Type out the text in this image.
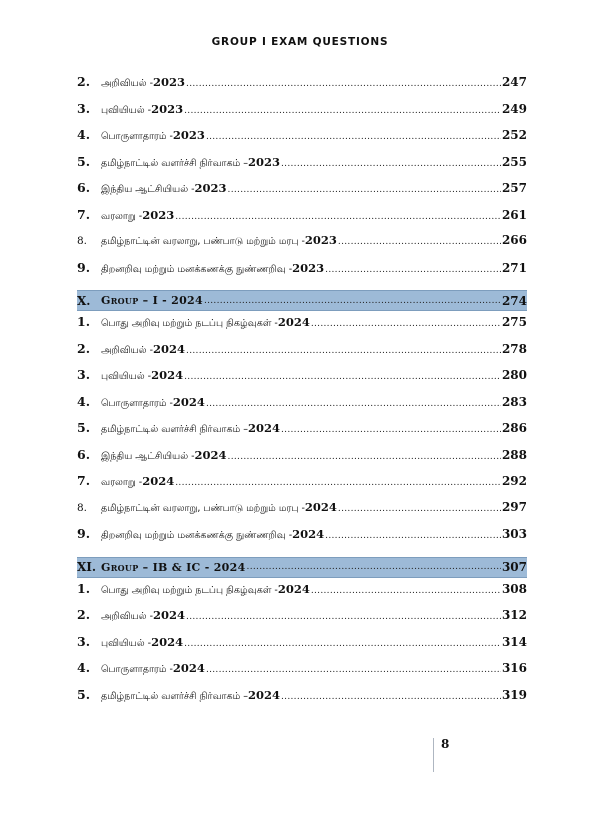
GROUP I EXAM QUESTIONS
2.	அறிவியல் - 2023 .....	247
3.	புவியியல் - 2023 .....	249
4.	பொருளாதாரம் - 2023 .....	252
5.	தமிழ்நாட்டில் வளர்ச்சி நிர்வாகம் – 2023 .....	255
6.	இந்திய ஆட்சியியல் - 2023 .....	257
7.	வரலாறு - 2023 .....	261
8.	தமிழ்நாட்டின் வரலாறு, பண்பாடு மற்றும் மரபு - 2023 .....	266
9.	திறனறிவு மற்றும் மனக்கணக்கு நுண்ணறிவு - 2023 .....	271
X. Group – I - 2024 .....	274
1.	பொது அறிவு மற்றும் நடப்பு நிகழ்வுகள் - 2024 .....	275
2.	அறிவியல் - 2024 .....	278
3.	புவியியல் - 2024 .....	280
4.	பொருளாதாரம் - 2024 .....	283
5.	தமிழ்நாட்டில் வளர்ச்சி நிர்வாகம் – 2024 .....	286
6.	இந்திய ஆட்சியியல் - 2024 .....	288
7.	வரலாறு - 2024 .....	292
8.	தமிழ்நாட்டின் வரலாறு, பண்பாடு மற்றும் மரபு - 2024 .....	297
9.	திறனறிவு மற்றும் மனக்கணக்கு நுண்ணறிவு - 2024 .....	303
XI. Group – IB & IC - 2024 .....	307
1.	பொது அறிவு மற்றும் நடப்பு நிகழ்வுகள் - 2024 .....	308
2.	அறிவியல் - 2024 .....	312
3.	புவியியல் - 2024 .....	314
4.	பொருளாதாரம் - 2024 .....	316
5.	தமிழ்நாட்டில் வளர்ச்சி நிர்வாகம் – 2024 .....	319
8
